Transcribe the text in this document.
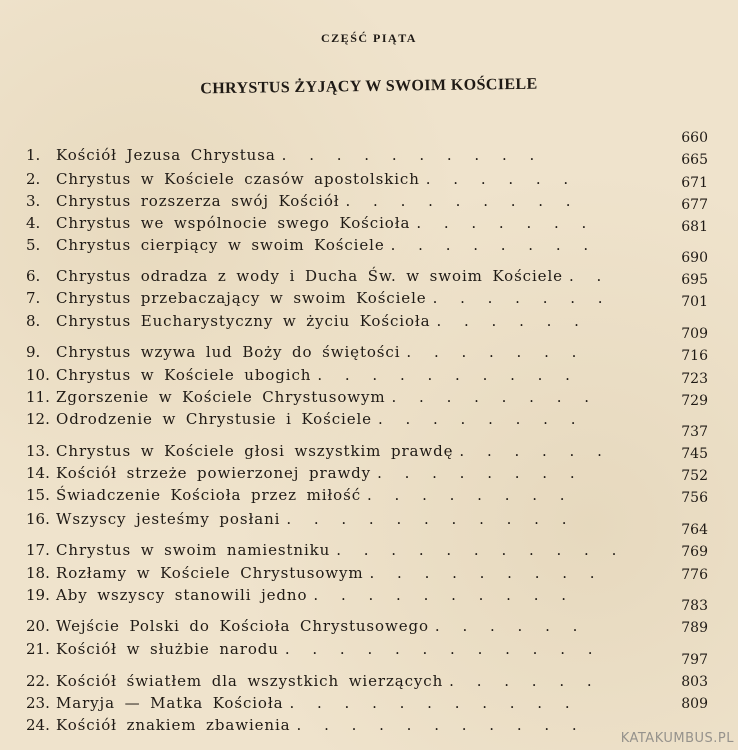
CZĘŚĆ PIĄTA
CHRYSTUS ŻYJĄCY W SWOIM KOŚCIELE
1. Kościół Jezusa Chrystusa . . . . . . . . . .
2. Chrystus w Kościele czasów apostolskich . . . . . .
3. Chrystus rozszerza swój Kościół . . . . . . . . .
4. Chrystus we wspólnocie swego Kościoła . . . . . . .
5. Chrystus cierpiący w swoim Kościele . . . . . . . .
6. Chrystus odradza z wody i Ducha Św. w swoim Kościele . .
7. Chrystus przebaczający w swoim Kościele . . . . . . .
8. Chrystus Eucharystyczny w życiu Kościoła . . . . . .
9. Chrystus wzywa lud Boży do świętości . . . . . . .
10. Chrystus w Kościele ubogich . . . . . . . . . .
11. Zgorszenie w Kościele Chrystusowym . . . . . . . .
12. Odrodzenie w Chrystusie i Kościele . . . . . . . .
13. Chrystus w Kościele głosi wszystkim prawdę . . . . . .
14. Kościół strzeże powierzonej prawdy . . . . . . . .
15. Świadczenie Kościoła przez miłość . . . . . . . .
16. Wszyscy jesteśmy posłani . . . . . . . . . . .
17. Chrystus w swoim namiestniku . . . . . . . . . . .
18. Rozłamy w Kościele Chrystusowym . . . . . . . . .
19. Aby wszyscy stanowili jedno . . . . . . . . . .
20. Wejście Polski do Kościoła Chrystusowego . . . . . .
21. Kościół w służbie narodu . . . . . . . . . . . .
22. Kościół światłem dla wszystkich wierzących . . . . . .
23. Maryja — Matka Kościoła . . . . . . . . . . .
24. Kościół znakiem zbawienia . . . . . . . . . . .
660
665
671
677
681
690
695
701
709
716
723
729
737
745
752
756
764
769
776
783
789
797
803
809
KATAKUMBUS.PL
